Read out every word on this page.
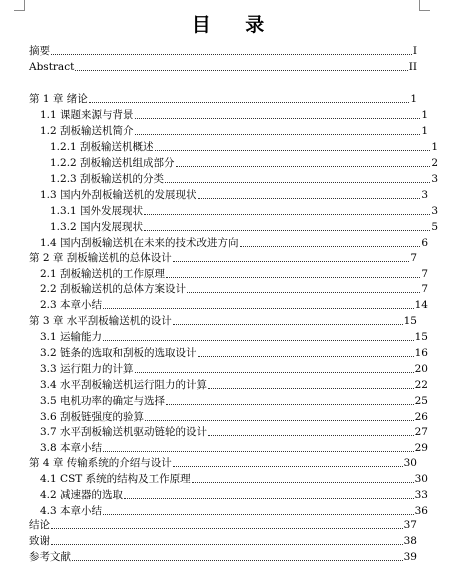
目 录
摘要	I
Abstract	II
第 1 章 绪论	1
1.1 课题来源与背景	1
1.2 刮板输送机简介	1
1.2.1 刮板输送机概述	1
1.2.2 刮板输送机组成部分	2
1.2.3 刮板输送机的分类	3
1.3 国内外刮板输送机的发展现状	3
1.3.1 国外发展现状	3
1.3.2 国内发展现状	5
1.4 国内刮板输送机在未来的技术改进方向	6
第 2 章 刮板输送机的总体设计	7
2.1 刮板输送机的工作原理	7
2.2 刮板输送机的总体方案设计	7
2.3 本章小结	14
第 3 章 水平刮板输送机的设计	15
3.1 运输能力	15
3.2 链条的选取和刮板的选取设计	16
3.3 运行阻力的计算	20
3.4 水平刮板输送机运行阻力的计算	22
3.5 电机功率的确定与选择	25
3.6 刮板链强度的验算	26
3.7 水平刮板输送机驱动链轮的设计	27
3.8 本章小结	29
第 4 章 传输系统的介绍与设计	30
4.1 CST 系统的结构及工作原理	30
4.2 减速器的选取	33
4.3 本章小结	36
结论	37
致谢	38
参考文献	39
